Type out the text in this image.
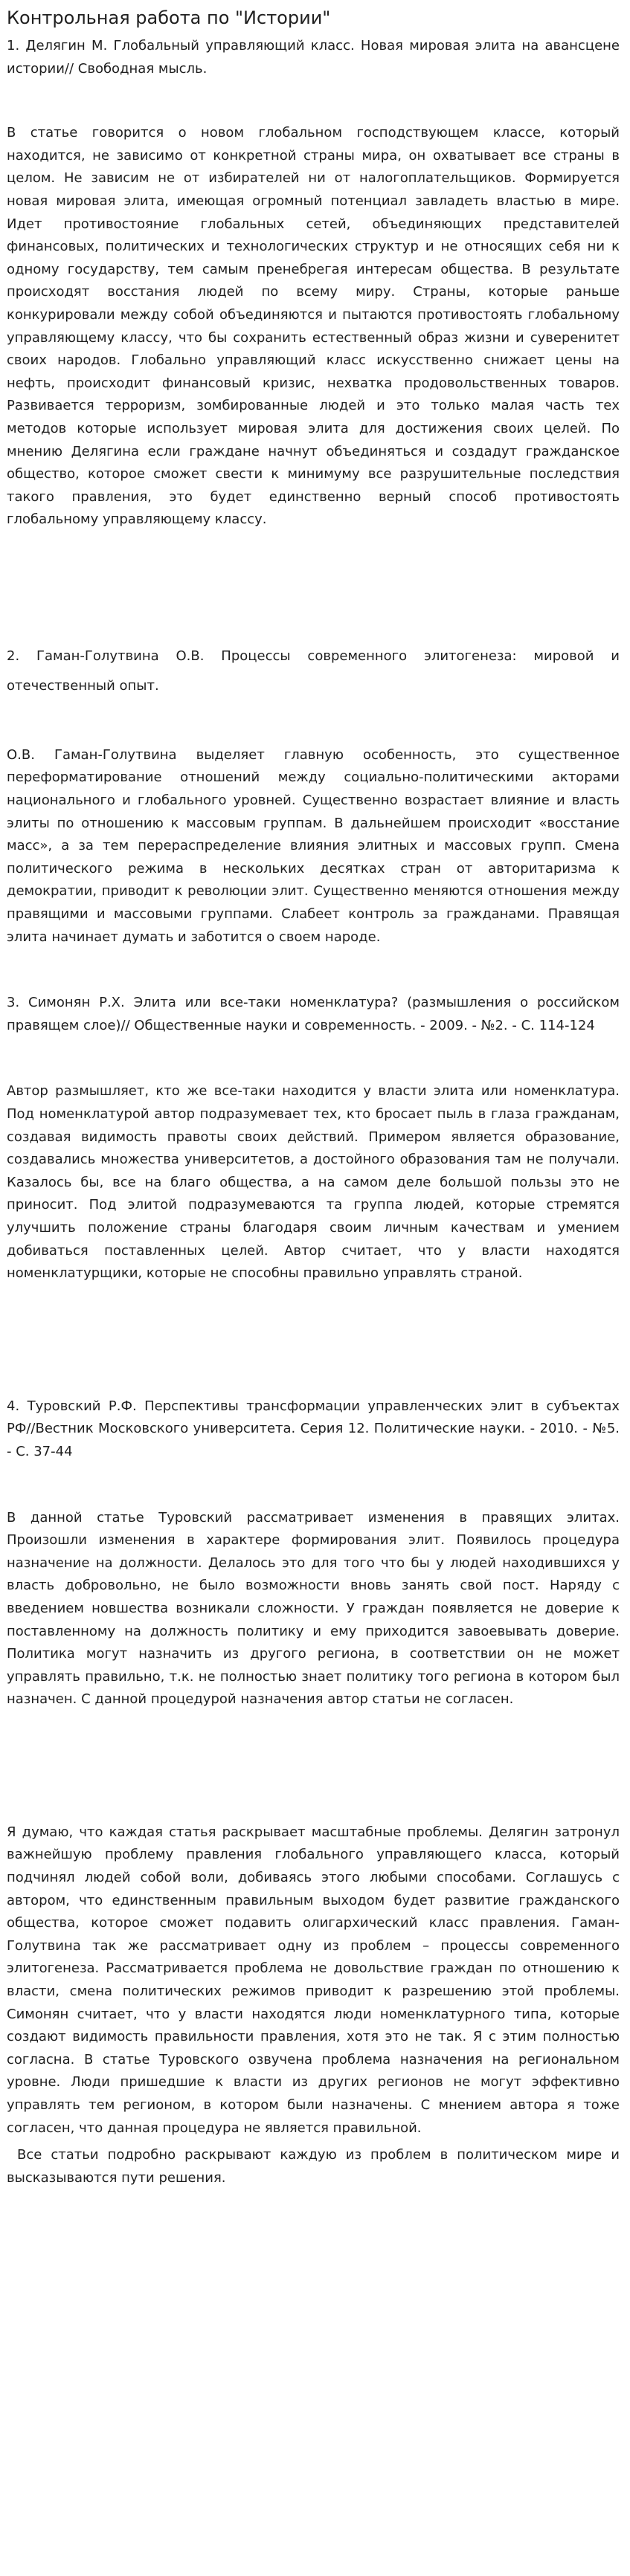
Контрольная работа по "Истории"

1. Делягин М. Глобальный управляющий класс. Новая мировая элита на авансцене истории// Свободная мысль.

В статье говорится о новом глобальном господствующем классе, который находится, не зависимо от конкретной страны мира, он охватывает все страны в целом. Не зависим не от избирателей ни от налогоплательщиков. Формируется новая мировая элита, имеющая огромный потенциал завладеть властью в мире. Идет противостояние глобальных сетей, объединяющих представителей финансовых, политических и технологических структур и не относящих себя ни к одному государству, тем самым пренебрегая интересам общества. В результате происходят восстания людей по всему миру. Страны, которые раньше конкурировали между собой объединяются и пытаются противостоять глобальному управляющему классу, что бы сохранить естественный образ жизни и суверенитет своих народов. Глобально управляющий класс искусственно снижает цены на нефть, происходит финансовый кризис, нехватка продовольственных товаров. Развивается терроризм, зомбированные людей и это только малая часть тех методов которые использует мировая элита для достижения своих целей. По мнению Делягина если граждане начнут объединяться и создадут гражданское общество, которое сможет свести к минимуму все разрушительные последствия такого правления, это будет единственно верный способ противостоять глобальному управляющему классу.

2. Гаман-Голутвина О.В. Процессы современного элитогенеза: мировой и отечественный опыт.

О.В. Гаман-Голутвина выделяет главную особенность, это существенное переформатирование отношений между социально-политическими акторами национального и глобального уровней. Существенно возрастает влияние и власть элиты по отношению к массовым группам. В дальнейшем происходит «восстание масс», а за тем перераспределение влияния элитных и массовых групп. Смена политического режима в нескольких десятках стран от авторитаризма к демократии, приводит к революции элит. Существенно меняются отношения между правящими и массовыми группами. Слабеет контроль за гражданами. Правящая элита начинает думать и заботится о своем народе.

3. Симонян Р.Х. Элита или все-таки номенклатура? (размышления о российском правящем слое)// Общественные науки и современность. - 2009. - №2. - С. 114-124

Автор размышляет, кто же все-таки находится у власти элита или номенклатура. Под номенклатурой автор подразумевает тех, кто бросает пыль в глаза гражданам, создавая видимость правоты своих действий. Примером является образование, создавались множества университетов, а достойного образования там не получали. Казалось бы, все на благо общества, а на самом деле большой пользы это не приносит. Под элитой подразумеваются та группа людей, которые стремятся улучшить положение страны благодаря своим личным качествам и умением добиваться поставленных целей. Автор считает, что у власти находятся номенклатурщики, которые не способны правильно управлять страной.

4. Туровский Р.Ф. Перспективы трансформации управленческих элит в субъектах РФ//Вестник Московского университета. Серия 12. Политические науки. - 2010. - №5. - С. 37-44

В данной статье Туровский рассматривает изменения в правящих элитах. Произошли изменения в характере формирования элит. Появилось процедура назначение на должности. Делалось это для того что бы у людей находившихся у власть добровольно, не было возможности вновь занять свой пост. Наряду с введением новшества возникали сложности. У граждан появляется не доверие к поставленному на должность политику и ему приходится завоевывать доверие. Политика могут назначить из другого региона, в соответствии он не может управлять правильно, т.к. не полностью знает политику того региона в котором был назначен. С данной процедурой назначения автор статьи не согласен.

Я думаю, что каждая статья раскрывает масштабные проблемы. Делягин затронул важнейшую проблему правления глобального управляющего класса, который подчинял людей собой воли, добиваясь этого любыми способами. Соглашусь с автором, что единственным правильным выходом будет развитие гражданского общества, которое сможет подавить олигархический класс правления. Гаман-Голутвина так же рассматривает одну из проблем – процессы современного элитогенеза. Рассматривается проблема не довольствие граждан по отношению к власти, смена политических режимов приводит к разрешению этой проблемы. Симонян считает, что у власти находятся люди номенклатурного типа, которые создают видимость правильности правления, хотя это не так. Я с этим полностью согласна. В статье Туровского озвучена проблема назначения на региональном уровне. Люди пришедшие к власти из других регионов не могут эффективно управлять тем регионом, в котором были назначены. С мнением автора я тоже согласен, что данная процедура не является правильной.

Все статьи подробно раскрывают каждую из проблем в политическом мире и высказываются пути решения.
